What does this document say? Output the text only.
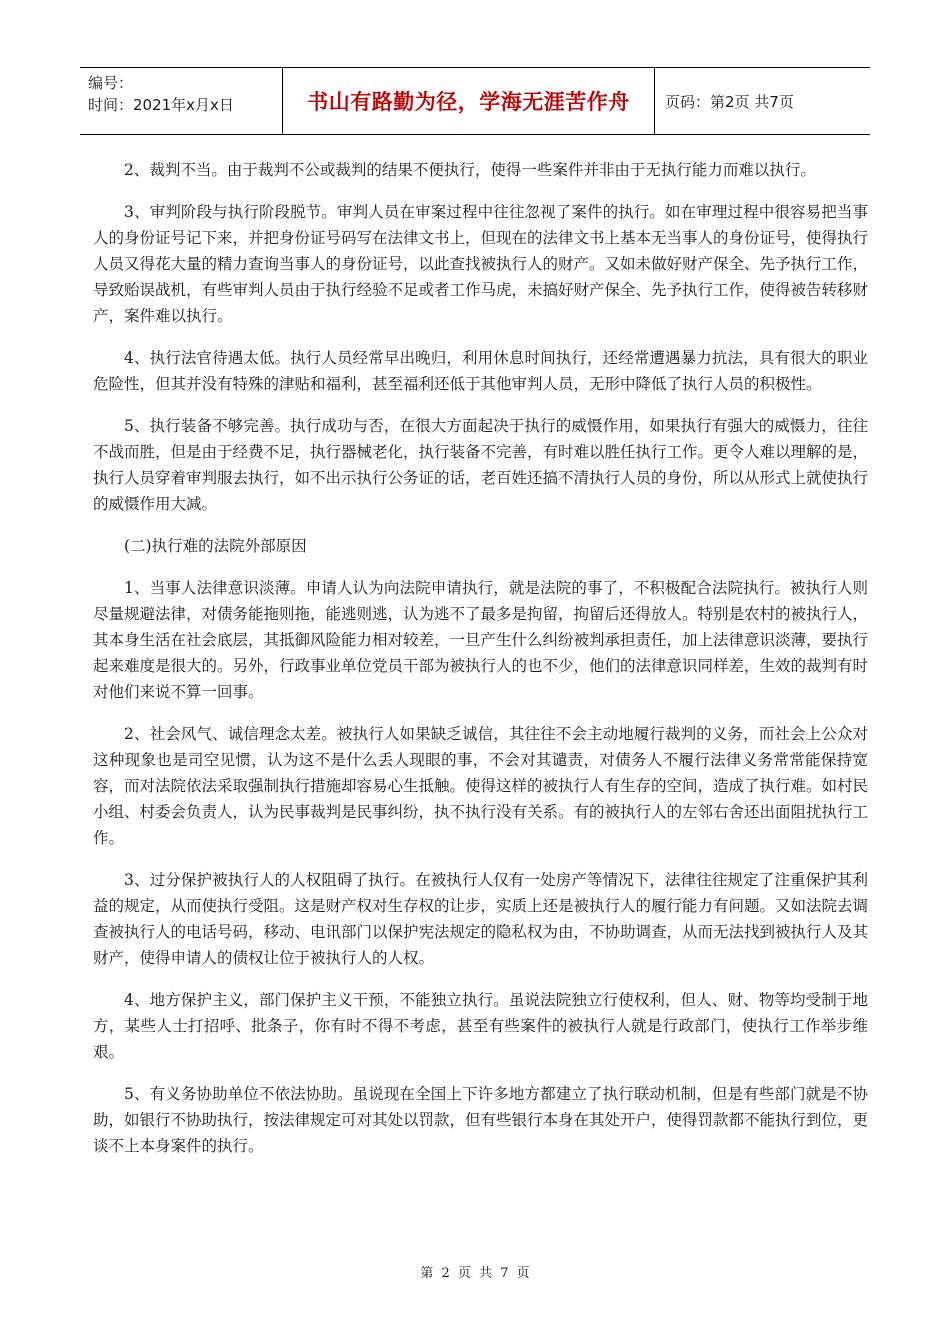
编号：
时间：2021年x月x日	书山有路勤为径，学海无涯苦作舟 页码：第2页 共7页

2、裁判不当。由于裁判不公或裁判的结果不便执行，使得一些案件并非由于无执行能力而难以执行。

3、审判阶段与执行阶段脱节。审判人员在审案过程中往往忽视了案件的执行。如在审理过程中很容易把当事人的身份证号记下来，并把身份证号码写在法律文书上，但现在的法律文书上基本无当事人的身份证号，使得执行人员又得花大量的精力查询当事人的身份证号，以此查找被执行人的财产。又如未做好财产保全、先予执行工作，导致贻误战机，有些审判人员由于执行经验不足或者工作马虎，未搞好财产保全、先予执行工作，使得被告转移财产，案件难以执行。

4、执行法官待遇太低。执行人员经常早出晚归，利用休息时间执行，还经常遭遇暴力抗法，具有很大的职业危险性，但其并没有特殊的津贴和福利，甚至福利还低于其他审判人员，无形中降低了执行人员的积极性。

5、执行装备不够完善。执行成功与否，在很大方面起决于执行的威慑作用，如果执行有强大的威慑力，往往不战而胜，但是由于经费不足，执行器械老化，执行装备不完善，有时难以胜任执行工作。更令人难以理解的是，执行人员穿着审判服去执行，如不出示执行公务证的话，老百姓还搞不清执行人员的身份，所以从形式上就使执行的威慑作用大减。

(二)执行难的法院外部原因

1、当事人法律意识淡薄。申请人认为向法院申请执行，就是法院的事了，不积极配合法院执行。被执行人则尽量规避法律，对债务能拖则拖，能逃则逃，认为逃不了最多是拘留，拘留后还得放人。特别是农村的被执行人，其本身生活在社会底层，其抵御风险能力相对较差，一旦产生什么纠纷被判承担责任，加上法律意识淡薄，要执行起来难度是很大的。另外，行政事业单位党员干部为被执行人的也不少，他们的法律意识同样差，生效的裁判有时对他们来说不算一回事。

2、社会风气、诚信理念太差。被执行人如果缺乏诚信，其往往不会主动地履行裁判的义务，而社会上公众对这种现象也是司空见惯，认为这不是什么丢人现眼的事，不会对其谴责，对债务人不履行法律义务常常能保持宽容，而对法院依法采取强制执行措施却容易心生抵触。使得这样的被执行人有生存的空间，造成了执行难。如村民小组、村委会负责人，认为民事裁判是民事纠纷，执不执行没有关系。有的被执行人的左邻右舍还出面阻扰执行工作。

3、过分保护被执行人的人权阻碍了执行。在被执行人仅有一处房产等情况下，法律往往规定了注重保护其利益的规定，从而使执行受阻。这是财产权对生存权的让步，实质上还是被执行人的履行能力有问题。又如法院去调查被执行人的电话号码，移动、电讯部门以保护宪法规定的隐私权为由，不协助调查，从而无法找到被执行人及其财产，使得申请人的债权让位于被执行人的人权。

4、地方保护主义，部门保护主义干预，不能独立执行。虽说法院独立行使权利，但人、财、物等均受制于地方，某些人士打招呼、批条子，你有时不得不考虑，甚至有些案件的被执行人就是行政部门，使执行工作举步维艰。

5、有义务协助单位不依法协助。虽说现在全国上下许多地方都建立了执行联动机制，但是有些部门就是不协助，如银行不协助执行，按法律规定可对其处以罚款，但有些银行本身在其处开户，使得罚款都不能执行到位，更谈不上本身案件的执行。

第 2 页 共 7 页
